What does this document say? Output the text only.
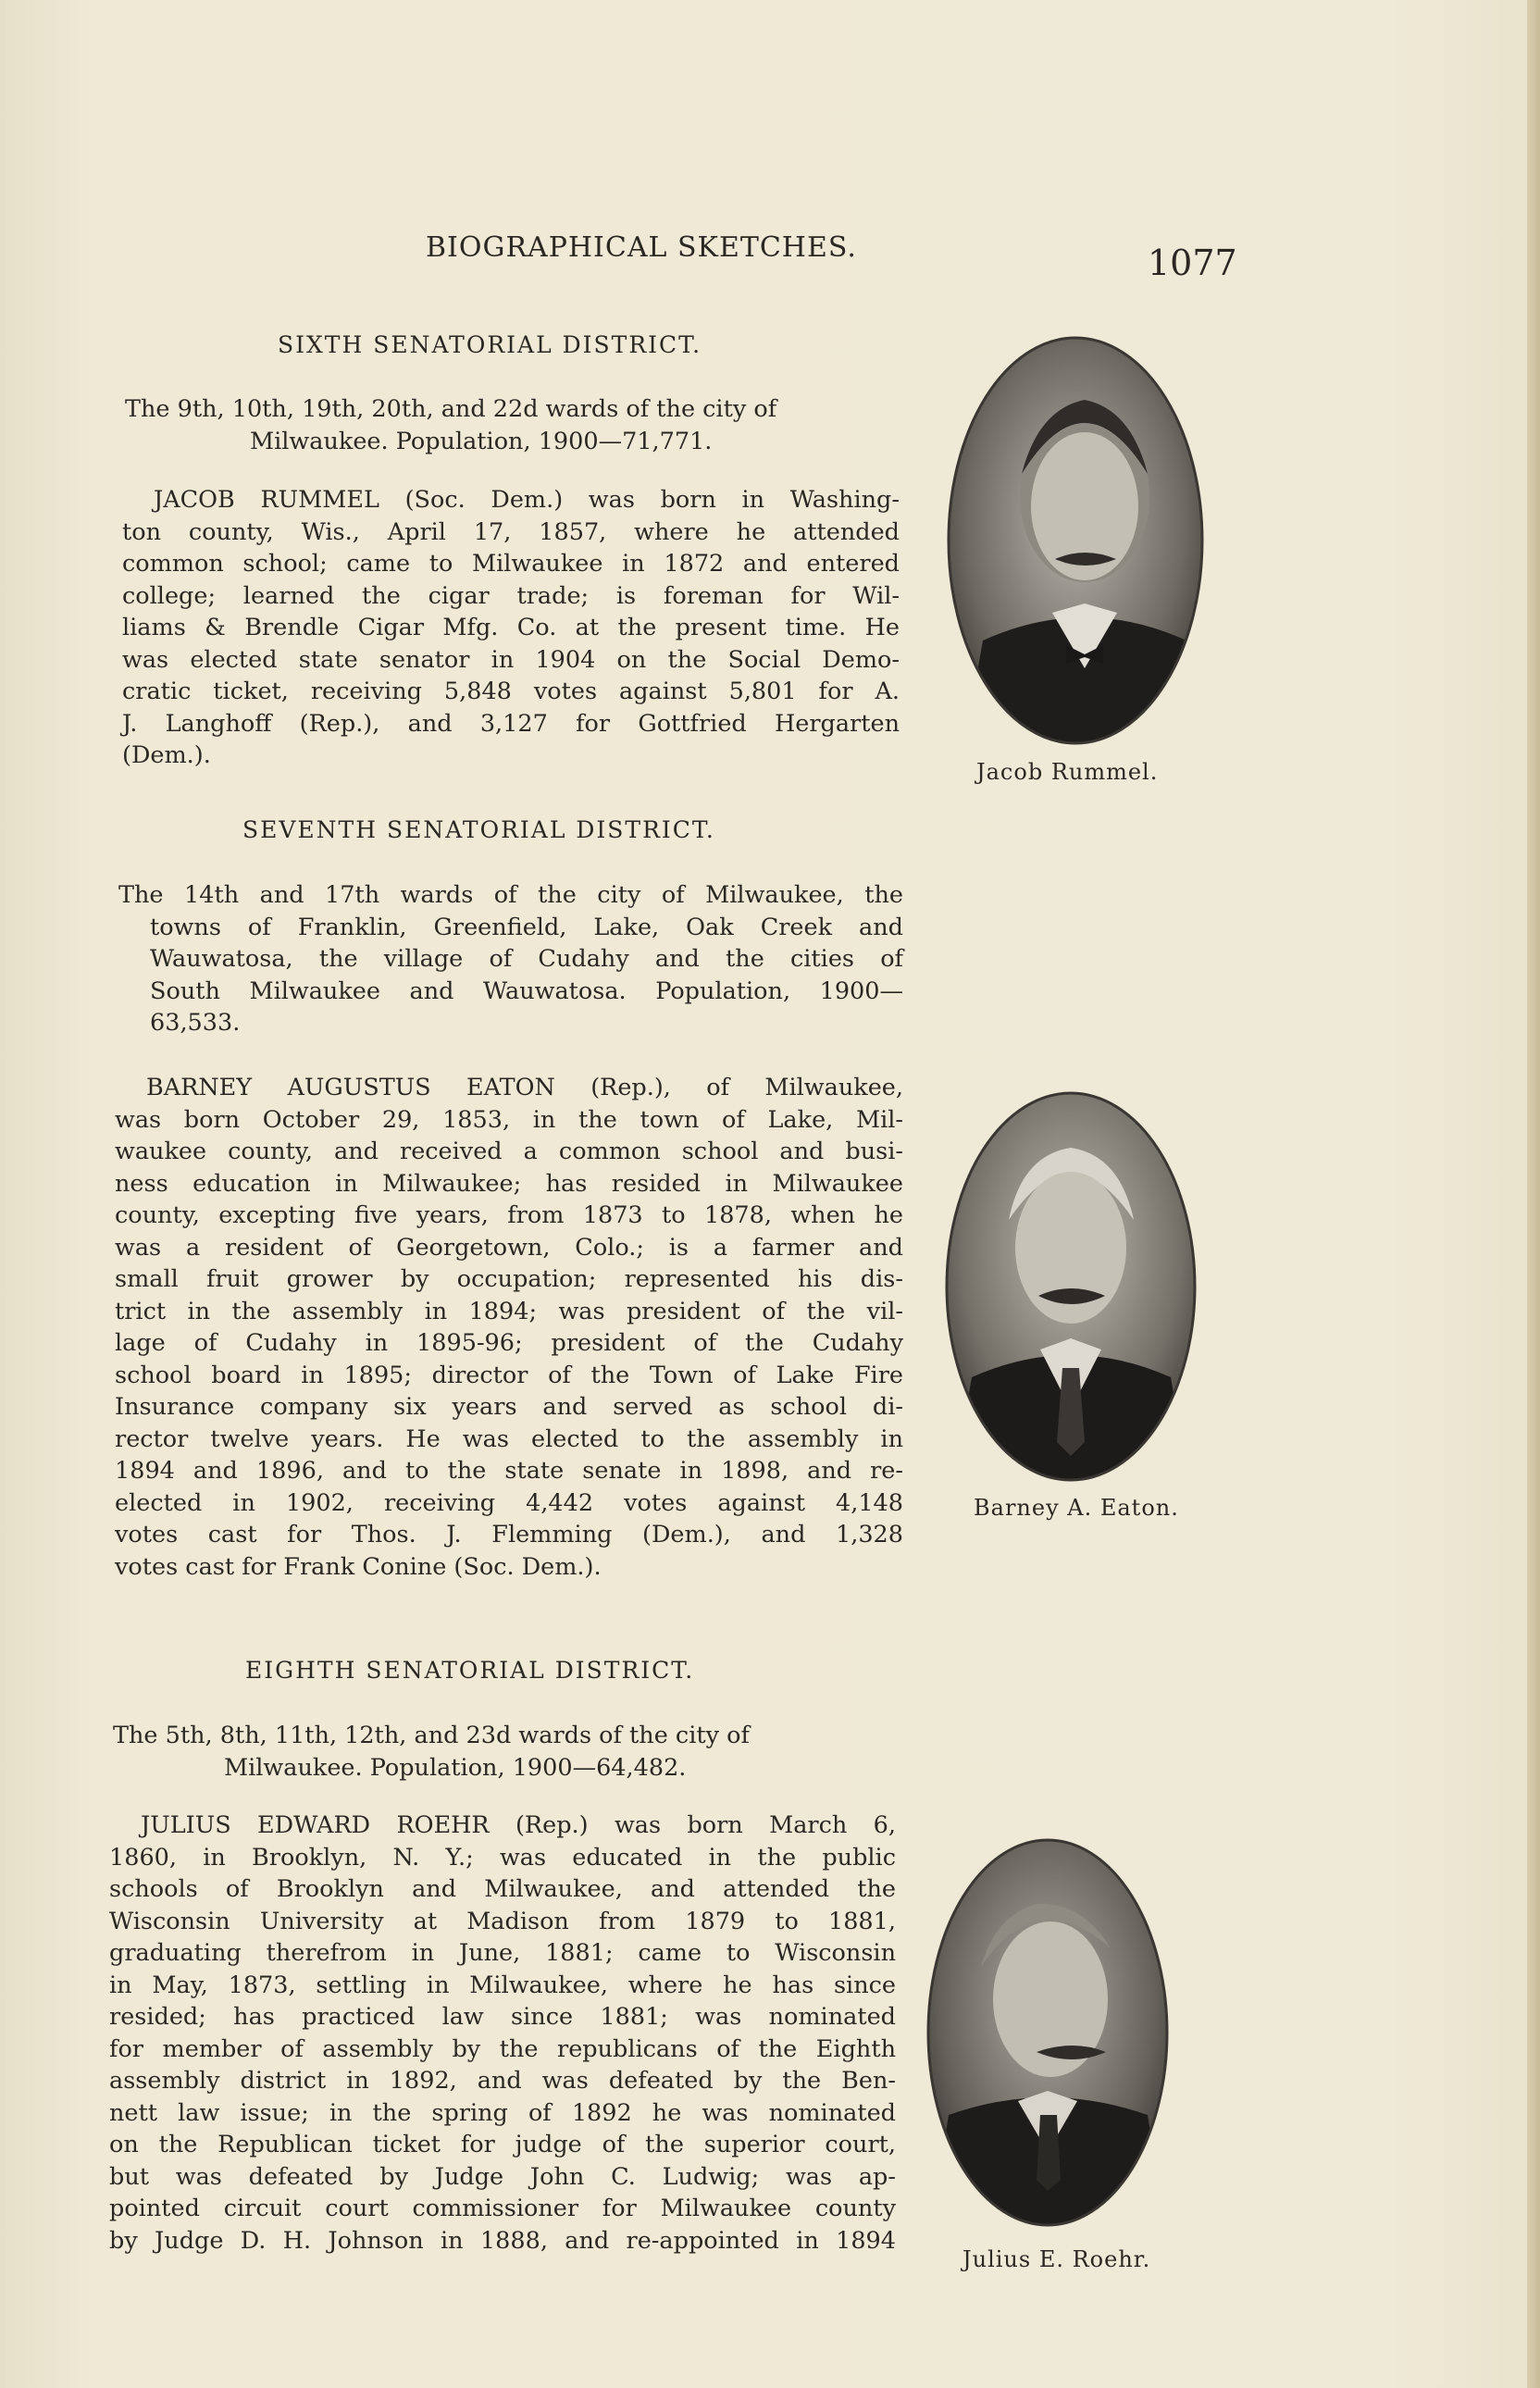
BIOGRAPHICAL SKETCHES.	1077
SIXTH SENATORIAL DISTRICT.
The 9th, 10th, 19th, 20th, and 22d wards of the city of
Milwaukee. Population, 1900—71,771.
JACOB RUMMEL (Soc. Dem.) was born in Washing-
ton county, Wis., April 17, 1857, where he attended
common school; came to Milwaukee in 1872 and entered
college; learned the cigar trade; is foreman for Wil-
liams & Brendle Cigar Mfg. Co. at the present time. He
was elected state senator in 1904 on the Social Demo-
cratic ticket, receiving 5,848 votes against 5,801 for A.
J. Langhoff (Rep.), and 3,127 for Gottfried Hergarten
(Dem.).
Jacob Rummel.
SEVENTH SENATORIAL DISTRICT.
The 14th and 17th wards of the city of Milwaukee, the
towns of Franklin, Greenfield, Lake, Oak Creek and
Wauwatosa, the village of Cudahy and the cities of
South Milwaukee and Wauwatosa. Population, 1900—
63,533.
BARNEY AUGUSTUS EATON (Rep.), of Milwaukee,
was born October 29, 1853, in the town of Lake, Mil-
waukee county, and received a common school and busi-
ness education in Milwaukee; has resided in Milwaukee
county, excepting five years, from 1873 to 1878, when he
was a resident of Georgetown, Colo.; is a farmer and
small fruit grower by occupation; represented his dis-
trict in the assembly in 1894; was president of the vil-
lage of Cudahy in 1895-96; president of the Cudahy
school board in 1895; director of the Town of Lake Fire
Insurance company six years and served as school di-
rector twelve years. He was elected to the assembly in
1894 and 1896, and to the state senate in 1898, and re-
elected in 1902, receiving 4,442 votes against 4,148
votes cast for Thos. J. Flemming (Dem.), and 1,328
votes cast for Frank Conine (Soc. Dem.).
Barney A. Eaton.
EIGHTH SENATORIAL DISTRICT.
The 5th, 8th, 11th, 12th, and 23d wards of the city of
Milwaukee. Population, 1900—64,482.
JULIUS EDWARD ROEHR (Rep.) was born March 6,
1860, in Brooklyn, N. Y.; was educated in the public
schools of Brooklyn and Milwaukee, and attended the
Wisconsin University at Madison from 1879 to 1881,
graduating therefrom in June, 1881; came to Wisconsin
in May, 1873, settling in Milwaukee, where he has since
resided; has practiced law since 1881; was nominated
for member of assembly by the republicans of the Eighth
assembly district in 1892, and was defeated by the Ben-
nett law issue; in the spring of 1892 he was nominated
on the Republican ticket for judge of the superior court,
but was defeated by Judge John C. Ludwig; was ap-
pointed circuit court commissioner for Milwaukee county
by Judge D. H. Johnson in 1888, and re-appointed in 1894
Julius E. Roehr.
